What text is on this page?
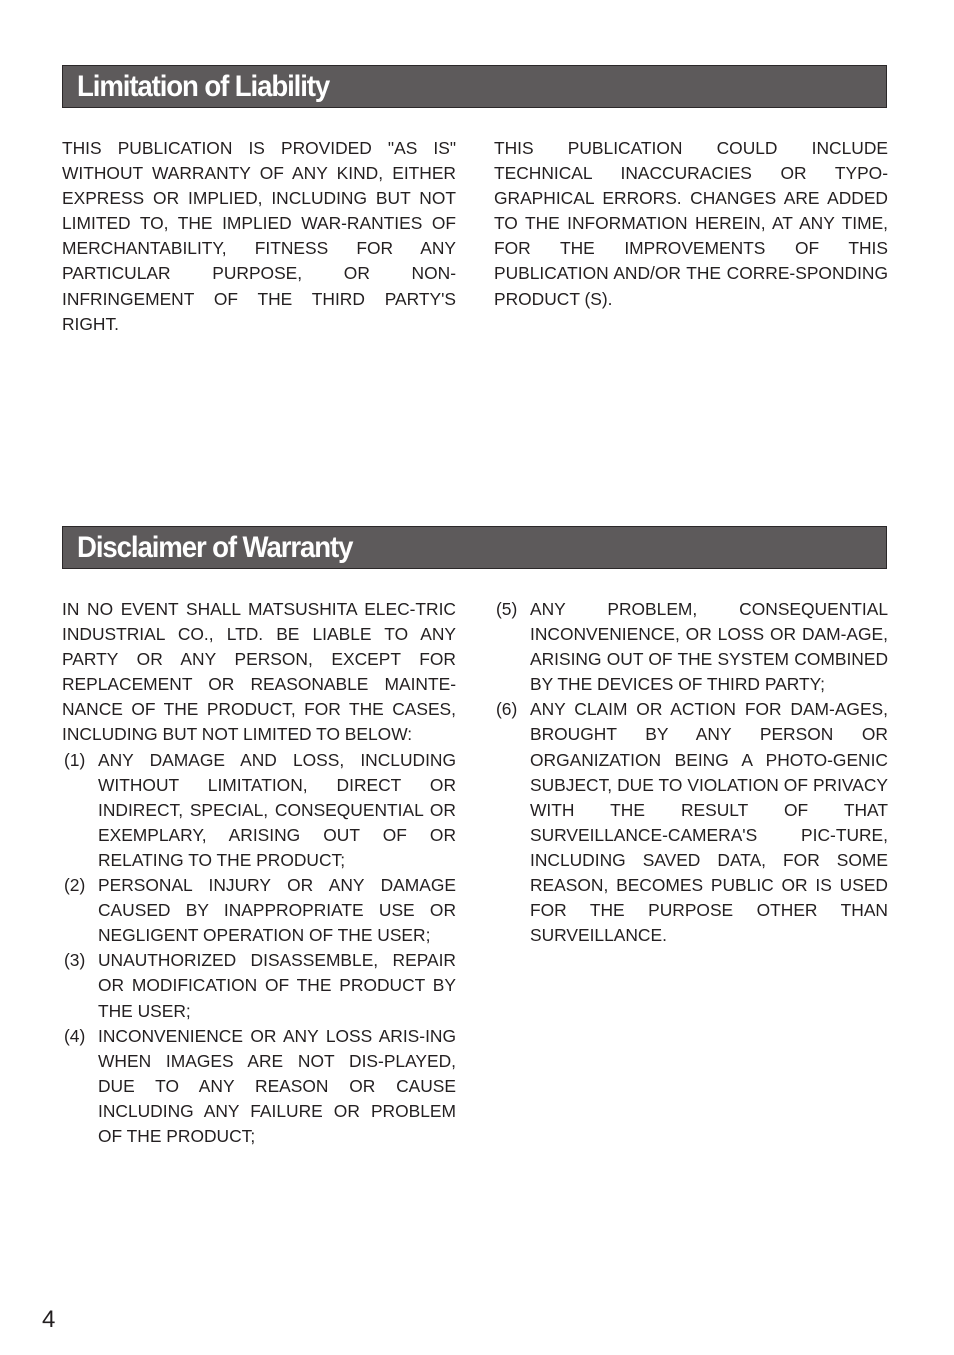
Limitation of Liability

THIS PUBLICATION IS PROVIDED "AS IS" WITHOUT WARRANTY OF ANY KIND, EITHER EXPRESS OR IMPLIED, INCLUDING BUT NOT LIMITED TO, THE IMPLIED WAR-RANTIES OF MERCHANTABILITY, FITNESS FOR ANY PARTICULAR PURPOSE, OR NON-INFRINGEMENT OF THE THIRD PARTY'S RIGHT.

THIS PUBLICATION COULD INCLUDE TECHNICAL INACCURACIES OR TYPO-GRAPHICAL ERRORS. CHANGES ARE ADDED TO THE INFORMATION HEREIN, AT ANY TIME, FOR THE IMPROVEMENTS OF THIS PUBLICATION AND/OR THE CORRE-SPONDING PRODUCT (S).

Disclaimer of Warranty

IN NO EVENT SHALL MATSUSHITA ELEC-TRIC INDUSTRIAL CO., LTD. BE LIABLE TO ANY PARTY OR ANY PERSON, EXCEPT FOR REPLACEMENT OR REASONABLE MAINTE-NANCE OF THE PRODUCT, FOR THE CASES, INCLUDING BUT NOT LIMITED TO BELOW:

(1) ANY DAMAGE AND LOSS, INCLUDING WITHOUT LIMITATION, DIRECT OR INDIRECT, SPECIAL, CONSEQUENTIAL OR EXEMPLARY, ARISING OUT OF OR RELATING TO THE PRODUCT;
(2) PERSONAL INJURY OR ANY DAMAGE CAUSED BY INAPPROPRIATE USE OR NEGLIGENT OPERATION OF THE USER;
(3) UNAUTHORIZED DISASSEMBLE, REPAIR OR MODIFICATION OF THE PRODUCT BY THE USER;
(4) INCONVENIENCE OR ANY LOSS ARIS-ING WHEN IMAGES ARE NOT DIS-PLAYED, DUE TO ANY REASON OR CAUSE INCLUDING ANY FAILURE OR PROBLEM OF THE PRODUCT;
(5) ANY PROBLEM, CONSEQUENTIAL INCONVENIENCE, OR LOSS OR DAM-AGE, ARISING OUT OF THE SYSTEM COMBINED BY THE DEVICES OF THIRD PARTY;
(6) ANY CLAIM OR ACTION FOR DAM-AGES, BROUGHT BY ANY PERSON OR ORGANIZATION BEING A PHOTO-GENIC SUBJECT, DUE TO VIOLATION OF PRIVACY WITH THE RESULT OF THAT SURVEILLANCE-CAMERA'S PIC-TURE, INCLUDING SAVED DATA, FOR SOME REASON, BECOMES PUBLIC OR IS USED FOR THE PURPOSE OTHER THAN SURVEILLANCE.
4
